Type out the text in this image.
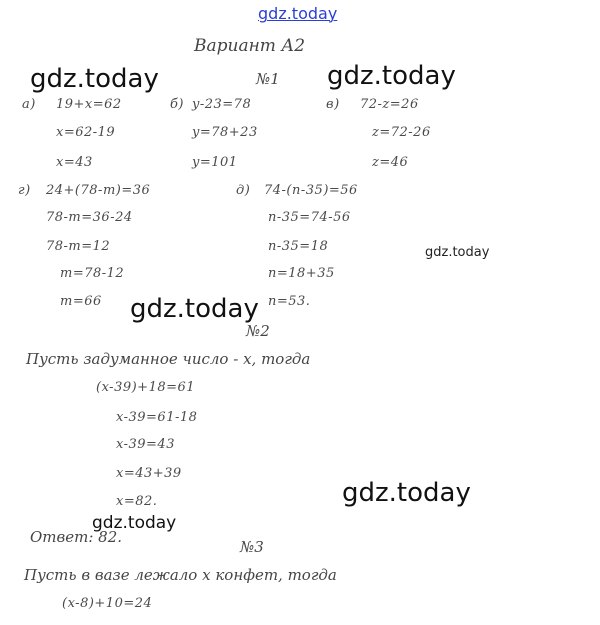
gdz.today
gdz.today	gdz.today
gdz.today
gdz.today
gdz.today
gdz.today
Вариант А2
№1
а) 19+x=62
x=62-19
x=43
б) y-23=78
y=78+23
y=101
в) 72-z=26
z=72-26
z=46
г) 24+(78-m)=36
78-m=36-24
78-m=12
m=78-12
m=66
д) 74-(n-35)=56
n-35=74-56
n-35=18
n=18+35
n=53.
№2
Пусть задуманное число - x, тогда
(x-39)+18=61
x-39=61-18
x-39=43
x=43+39
x=82.
Ответ: 82.
№3
Пусть в вазе лежало x конфет, тогда
(x-8)+10=24
